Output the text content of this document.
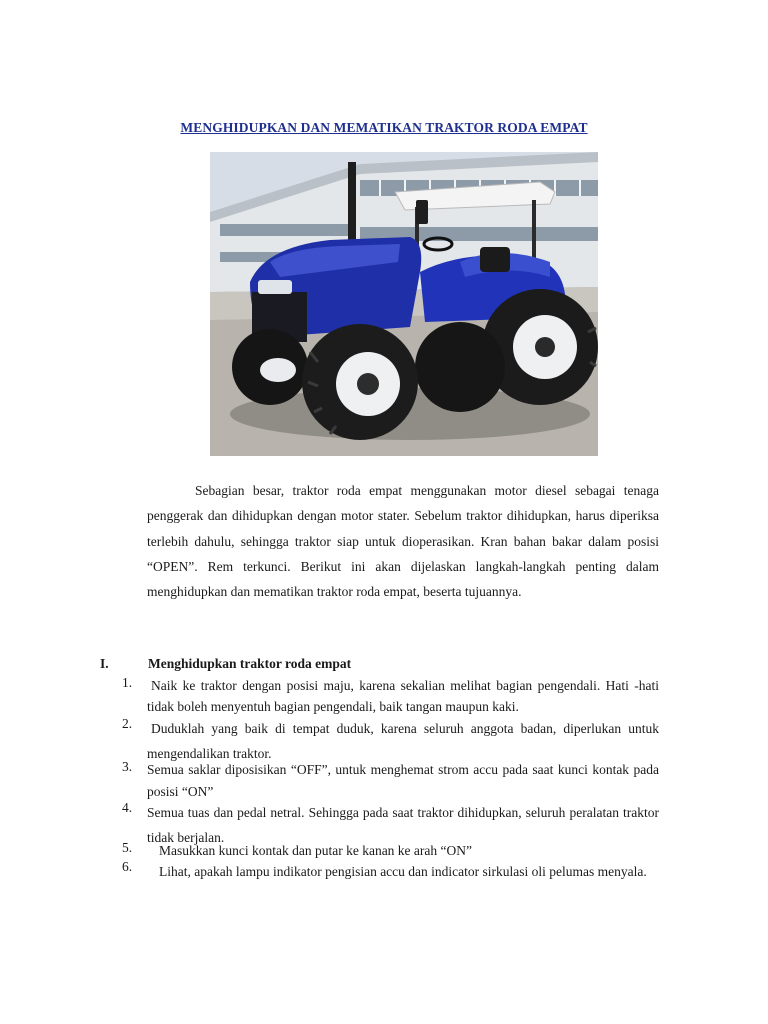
MENGHIDUPKAN DAN MEMATIKAN TRAKTOR RODA EMPAT
Sebagian besar, traktor roda empat menggunakan motor diesel sebagai tenaga penggerak dan dihidupkan dengan motor stater. Sebelum traktor dihidupkan, harus diperiksa terlebih dahulu, sehingga traktor siap untuk dioperasikan. Kran bahan bakar dalam posisi “OPEN”. Rem terkunci. Berikut ini akan dijelaskan langkah-langkah penting dalam menghidupkan dan mematikan traktor roda empat, beserta tujuannya.
I.	Menghidupkan traktor roda empat
1. Naik ke traktor dengan posisi maju, karena sekalian melihat bagian pengendali. Hati -hati tidak boleh menyentuh bagian pengendali, baik tangan maupun kaki.
2. Duduklah yang baik di tempat duduk, karena seluruh anggota badan, diperlukan untuk mengendalikan traktor.
3. Semua saklar diposisikan “OFF”, untuk menghemat strom accu pada saat kunci kontak pada posisi “ON”
4. Semua tuas dan pedal netral. Sehingga pada saat traktor dihidupkan, seluruh peralatan traktor tidak berjalan.
5.	Masukkan kunci kontak dan putar ke kanan ke arah “ON”
6.	Lihat, apakah lampu indikator pengisian accu dan indicator sirkulasi oli pelumas menyala.
